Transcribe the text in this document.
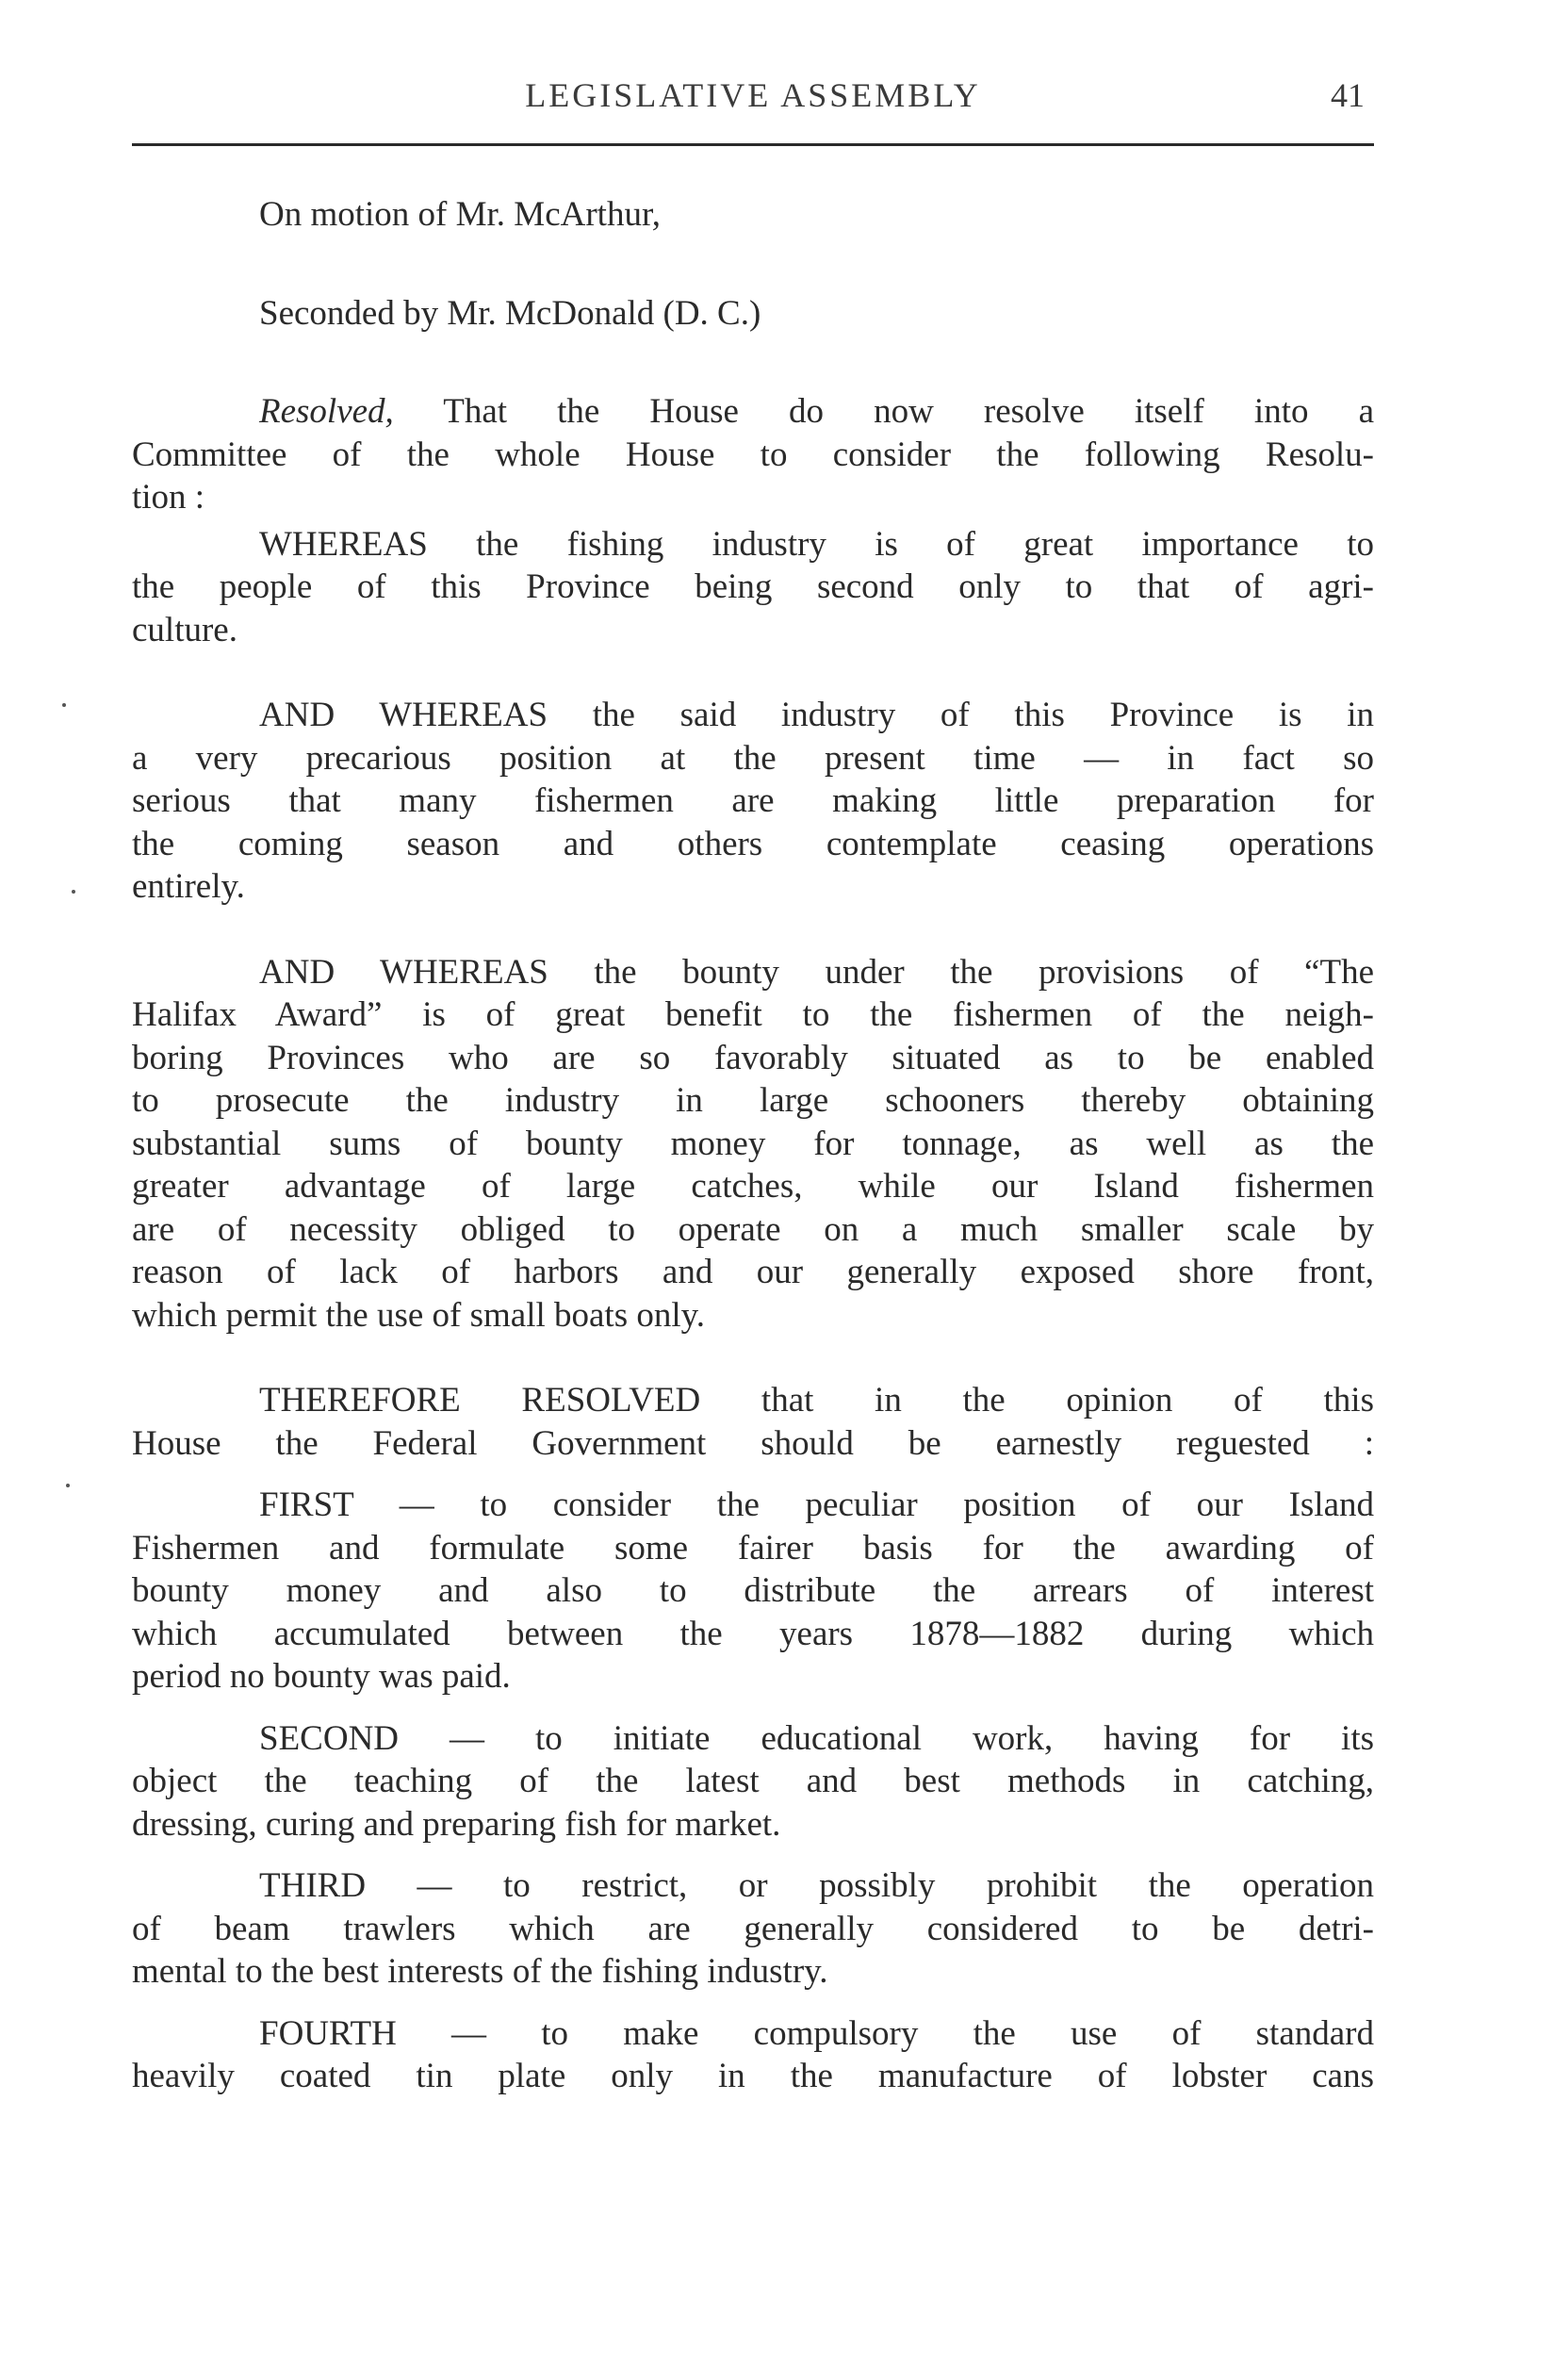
LEGISLATIVE ASSEMBLY	41
On motion of Mr. McArthur,
Seconded by Mr. McDonald (D. C.)
Resolved, That the House do now resolve itself into a
Committee of the whole House to consider the following Resolu-
tion :
WHEREAS the fishing industry is of great importance to
the people of this Province being second only to that of agri-
culture.
AND WHEREAS the said industry of this Province is in
a very precarious position at the present time — in fact so
serious that many fishermen are making little preparation for
the coming season and others contemplate ceasing operations
entirely.
AND WHEREAS the bounty under the provisions of “The
Halifax Award” is of great benefit to the fishermen of the neigh-
boring Provinces who are so favorably situated as to be enabled
to prosecute the industry in large schooners thereby obtaining
substantial sums of bounty money for tonnage, as well as the
greater advantage of large catches, while our Island fishermen
are of necessity obliged to operate on a much smaller scale by
reason of lack of harbors and our generally exposed shore front,
which permit the use of small boats only.
THEREFORE RESOLVED that in the opinion of this
House the Federal Government should be earnestly reguested :
FIRST — to consider the peculiar position of our Island
Fishermen and formulate some fairer basis for the awarding of
bounty money and also to distribute the arrears of interest
which accumulated between the years 1878—1882 during which
period no bounty was paid.
SECOND — to initiate educational work, having for its
object the teaching of the latest and best methods in catching,
dressing, curing and preparing fish for market.
THIRD — to restrict, or possibly prohibit the operation
of beam trawlers which are generally considered to be detri-
mental to the best interests of the fishing industry.
FOURTH — to make compulsory the use of standard
heavily coated tin plate only in the manufacture of lobster cans
